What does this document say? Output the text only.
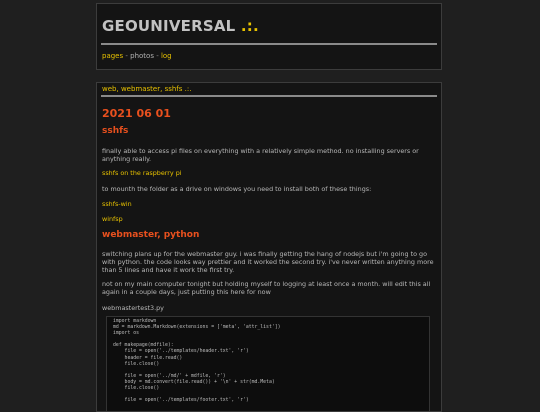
GEOUNIVERSAL .:.
pages - photos - log
web, webmaster, sshfs .:.
2021 06 01
sshfs

finally able to access pi files on everything with a relatively simple method. no installing servers or anything really.

sshfs on the raspberry pi

to mounth the folder as a drive on windows you need to install both of these things:

sshfs-win

winfsp

webmaster, python

switching plans up for the webmaster guy. i was finally getting the hang of nodejs but i'm going to go with python. the code looks way prettier and it worked the second try. i've never written anything more than 5 lines and have it work the first try.

not on my main computer tonight but holding myself to logging at least once a month. will edit this all again in a couple days, just putting this here for now

webmastertest3.py

import markdown
md = markdown.Markdown(extensions = ['meta', 'attr_list'])
import os

def makepage(mdfile):
file = open('../templates/header.txt', 'r')
header = file.read()
file.close()

file = open('../md/' + mdfile, 'r')
body = md.convert(file.read()) + '\n' + str(md.Meta)
file.close()

file = open('../templates/footer.txt', 'r')
